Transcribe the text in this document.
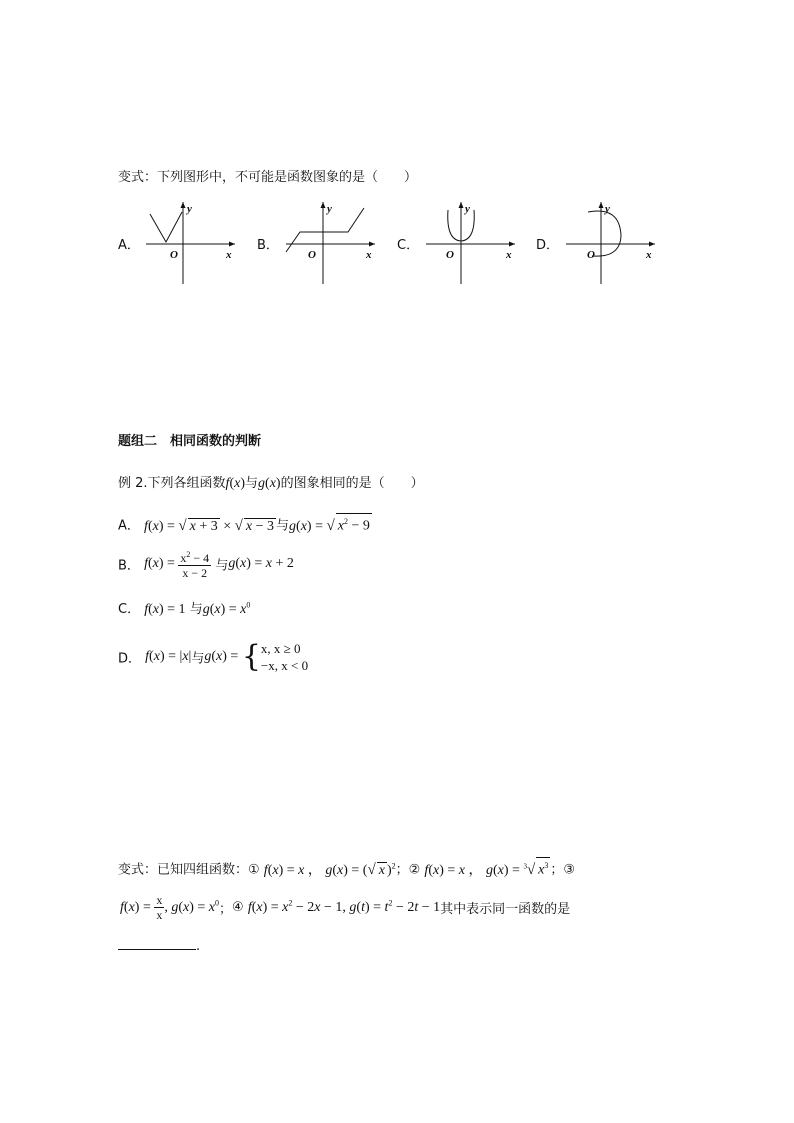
变式：下列图形中，不可能是函数图象的是（　　）
A．
y
x
O
B．
y
x
O
C．
y
x
O
D．
y
x
O
题组二　相同函数的判断
例 2.下列各组函数f(x)与g(x)的图象相同的是（　　）
A． f(x) = √ x + 3 × √ x − 3 与g(x) = √ $x^2 - 9$
B． $f(x) = \frac{x^2 - 4}{x - 2}$ 与g(x) = x + 2
C． f(x) = 1 与$g(x) = x^0$
D． f(x) = |x|与g(x) = { x, x ≥ 0
−x, x < 0
变式：已知四组函数：① f(x) = x ， g(x) = (√ x )$^2$；② f(x) = x ， g(x) = $^3$√ $x^3$ ；③
$f(x) = \frac{x}{x}$ , $g(x) = x^0$；④ $f(x) = x^2 - 2x - 1$, $g(t) = t^2 - 2t - 1$其中表示同一函数的是
.
